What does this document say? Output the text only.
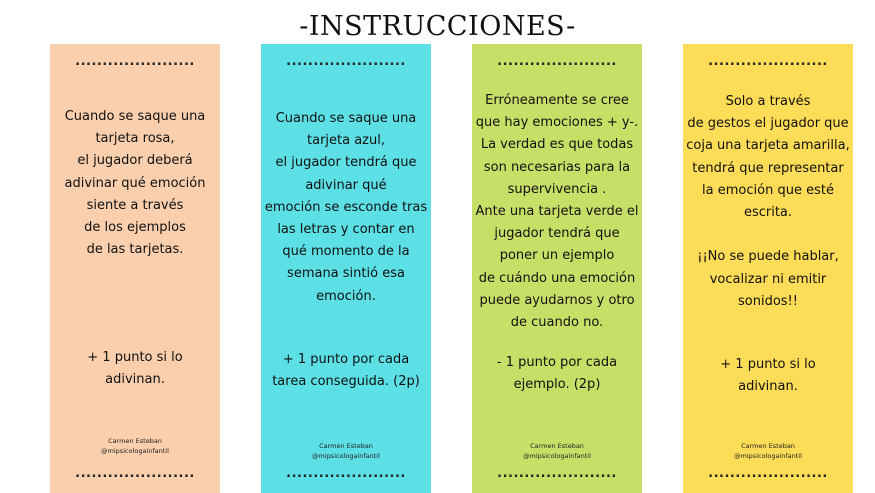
-INSTRUCCIONES-
......................
Cuando se saque una
tarjeta rosa,
el jugador deberá
adivinar qué emoción
siente a través
de los ejemplos
de las tarjetas.
+ 1 punto si lo
adivinan.
Carmen Esteban
@mipsicologainfantil
......................
......................
Cuando se saque una
tarjeta azul,
el jugador tendrá que
adivinar qué
emoción se esconde tras
las letras y contar en
qué momento de la
semana sintió esa
emoción.
+ 1 punto por cada
tarea conseguida. (2p)
Carmen Esteban
@mipsicologainfantil
......................
......................
Erróneamente se cree
que hay emociones + y-.
La verdad es que todas
son necesarias para la
supervivencia .
Ante una tarjeta verde el
jugador tendrá que
poner un ejemplo
de cuándo una emoción
puede ayudarnos y otro
de cuando no.
- 1 punto por cada
ejemplo. (2p)
Carmen Esteban
@mipsicologainfantil
......................
......................
Solo a través
de gestos el jugador que
coja una tarjeta amarilla,
tendrá que representar
la emoción que esté
escrita.

¡¡No se puede hablar,
vocalizar ni emitir
sonidos!!
+ 1 punto si lo
adivinan.
Carmen Esteban
@mipsicologainfantil
......................
